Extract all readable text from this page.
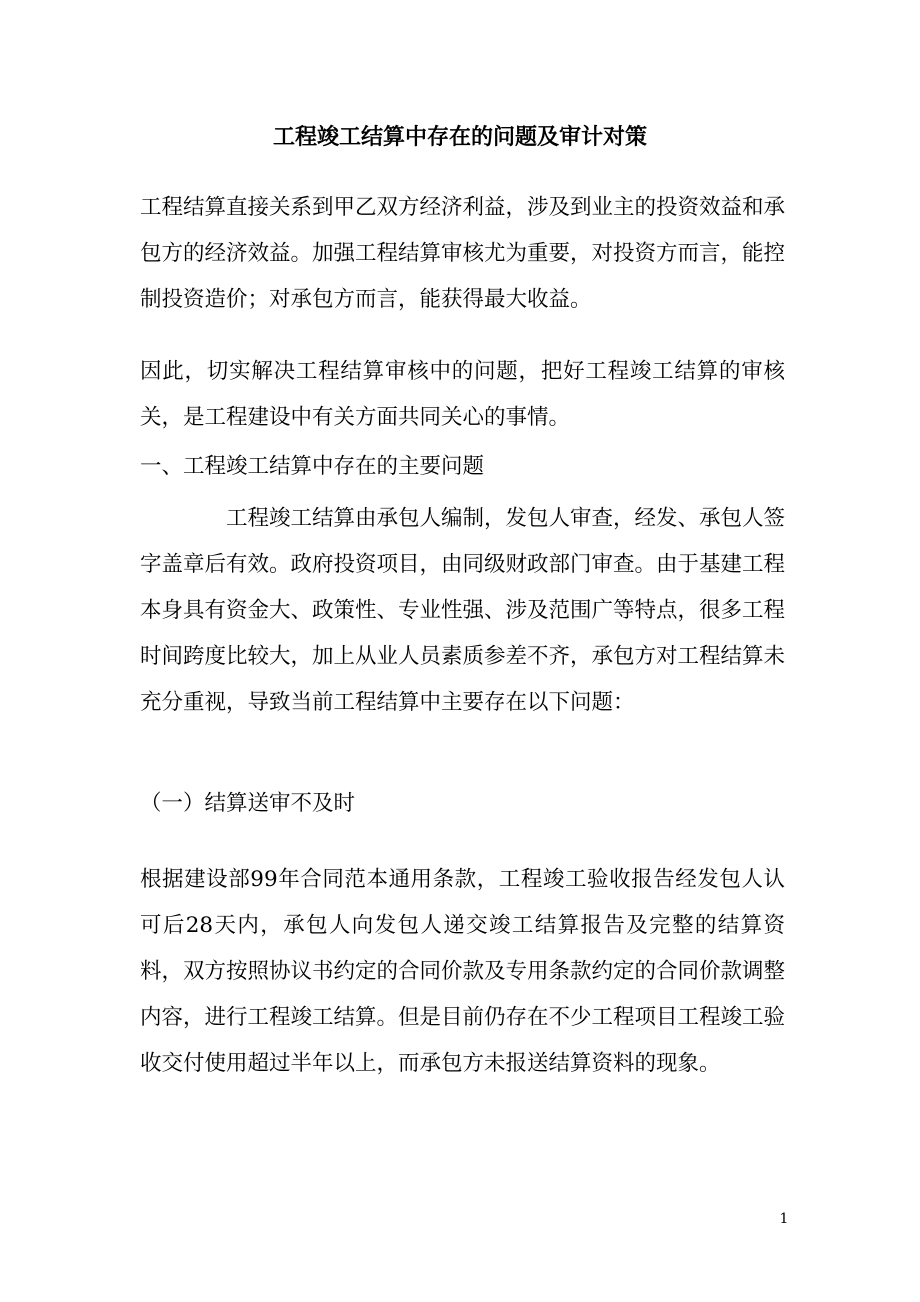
工程竣工结算中存在的问题及审计对策

工程结算直接关系到甲乙双方经济利益，涉及到业主的投资效益和承包方的经济效益。加强工程结算审核尤为重要，对投资方而言，能控制投资造价；对承包方而言，能获得最大收益。

因此，切实解决工程结算审核中的问题，把好工程竣工结算的审核关，是工程建设中有关方面共同关心的事情。

一、工程竣工结算中存在的主要问题

工程竣工结算由承包人编制，发包人审查，经发、承包人签字盖章后有效。政府投资项目，由同级财政部门审查。由于基建工程本身具有资金大、政策性、专业性强、涉及范围广等特点，很多工程时间跨度比较大，加上从业人员素质参差不齐，承包方对工程结算未充分重视，导致当前工程结算中主要存在以下问题：

（一）结算送审不及时

根据建设部99年合同范本通用条款，工程竣工验收报告经发包人认可后28天内，承包人向发包人递交竣工结算报告及完整的结算资料，双方按照协议书约定的合同价款及专用条款约定的合同价款调整内容，进行工程竣工结算。但是目前仍存在不少工程项目工程竣工验收交付使用超过半年以上，而承包方未报送结算资料的现象。

1
